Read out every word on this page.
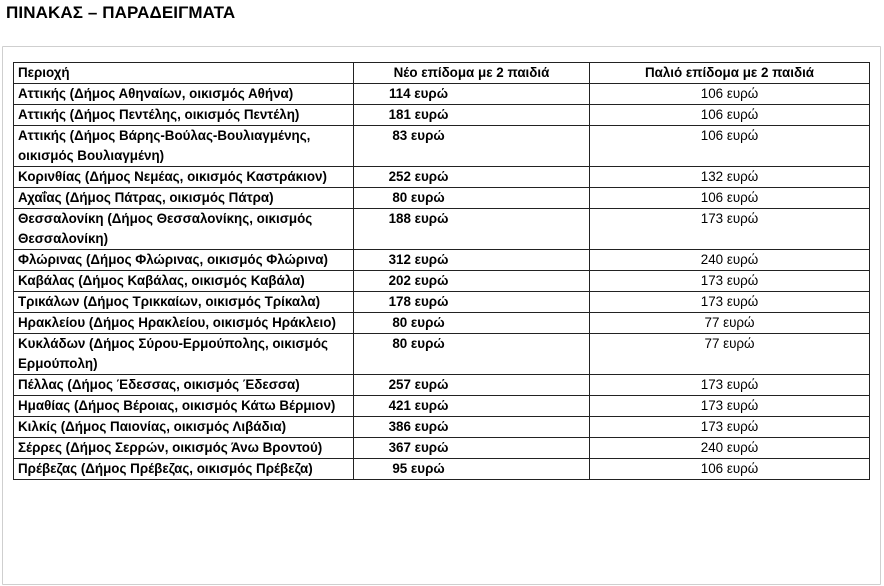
ΠΙΝΑΚΑΣ – ΠΑΡΑΔΕΙΓΜΑΤΑ
Περιοχή	Νέο επίδομα με 2 παιδιά	Παλιό επίδομα με 2 παιδιά
Αττικής (Δήμος Αθηναίων, οικισμός Αθήνα)	114 ευρώ	106 ευρώ
Αττικής (Δήμος Πεντέλης, οικισμός Πεντέλη)	181 ευρώ	106 ευρώ
Αττικής (Δήμος Βάρης-Βούλας-Βουλιαγμένης, οικισμός Βουλιαγμένη)	83 ευρώ	106 ευρώ
Κορινθίας (Δήμος Νεμέας, οικισμός Καστράκιον)	252 ευρώ	132 ευρώ
Αχαΐας (Δήμος Πάτρας, οικισμός Πάτρα)	80 ευρώ	106 ευρώ
Θεσσαλονίκη (Δήμος Θεσσαλονίκης, οικισμός Θεσσαλονίκη)	188 ευρώ	173 ευρώ
Φλώρινας (Δήμος Φλώρινας, οικισμός Φλώρινα)	312 ευρώ	240 ευρώ
Καβάλας (Δήμος Καβάλας, οικισμός Καβάλα)	202 ευρώ	173 ευρώ
Τρικάλων (Δήμος Τρικκαίων, οικισμός Τρίκαλα)	178 ευρώ	173 ευρώ
Ηρακλείου (Δήμος Ηρακλείου, οικισμός Ηράκλειο)	80 ευρώ	77 ευρώ
Κυκλάδων (Δήμος Σύρου-Ερμούπολης, οικισμός Ερμούπολη)	80 ευρώ	77 ευρώ
Πέλλας (Δήμος Έδεσσας, οικισμός Έδεσσα)	257 ευρώ	173 ευρώ
Ημαθίας (Δήμος Βέροιας, οικισμός Κάτω Βέρμιον)	421 ευρώ	173 ευρώ
Κιλκίς (Δήμος Παιονίας, οικισμός Λιβάδια)	386 ευρώ	173 ευρώ
Σέρρες (Δήμος Σερρών, οικισμός Άνω Βροντού)	367 ευρώ	240 ευρώ
Πρέβεζας (Δήμος Πρέβεζας, οικισμός Πρέβεζα)	95 ευρώ	106 ευρώ
